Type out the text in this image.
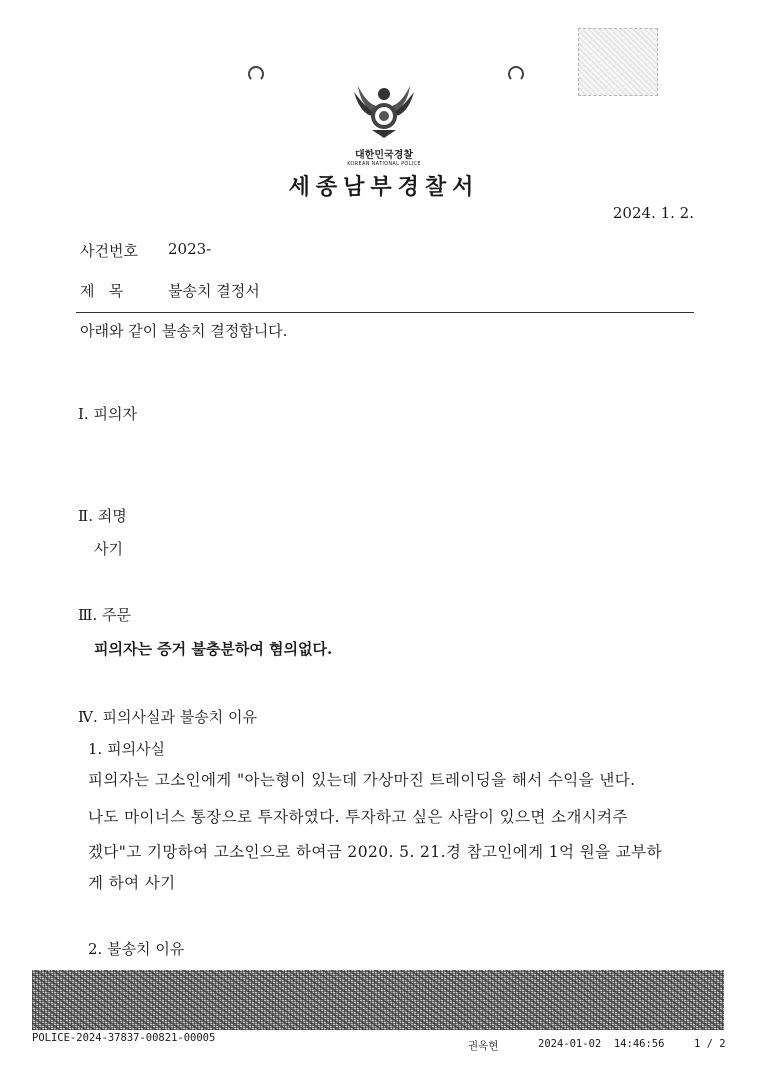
대한민국경찰
KOREAN NATIONAL POLICE
세종남부경찰서
2024. 1. 2.
사건번호 2023-
제   목	불송치 결정서
아래와 같이 불송치 결정합니다.
Ⅰ. 피의자
Ⅱ. 죄명
사기
Ⅲ. 주문
피의자는 증거 불충분하여 혐의없다.
Ⅳ. 피의사실과 불송치 이유
1. 피의사실
피의자는 고소인에게 "아는형이 있는데 가상마진 트레이딩을 해서 수익을 낸다.
나도 마이너스 통장으로 투자하였다. 투자하고 싶은 사람이 있으면 소개시켜주
겠다"고 기망하여 고소인으로 하여금 2020. 5. 21.경 참고인에게 1억 원을 교부하
게 하여 사기
2. 불송치 이유
POLICE-2024-37837-00821-00005
권옥현	2024-01-02  14:46:56	1 / 2
